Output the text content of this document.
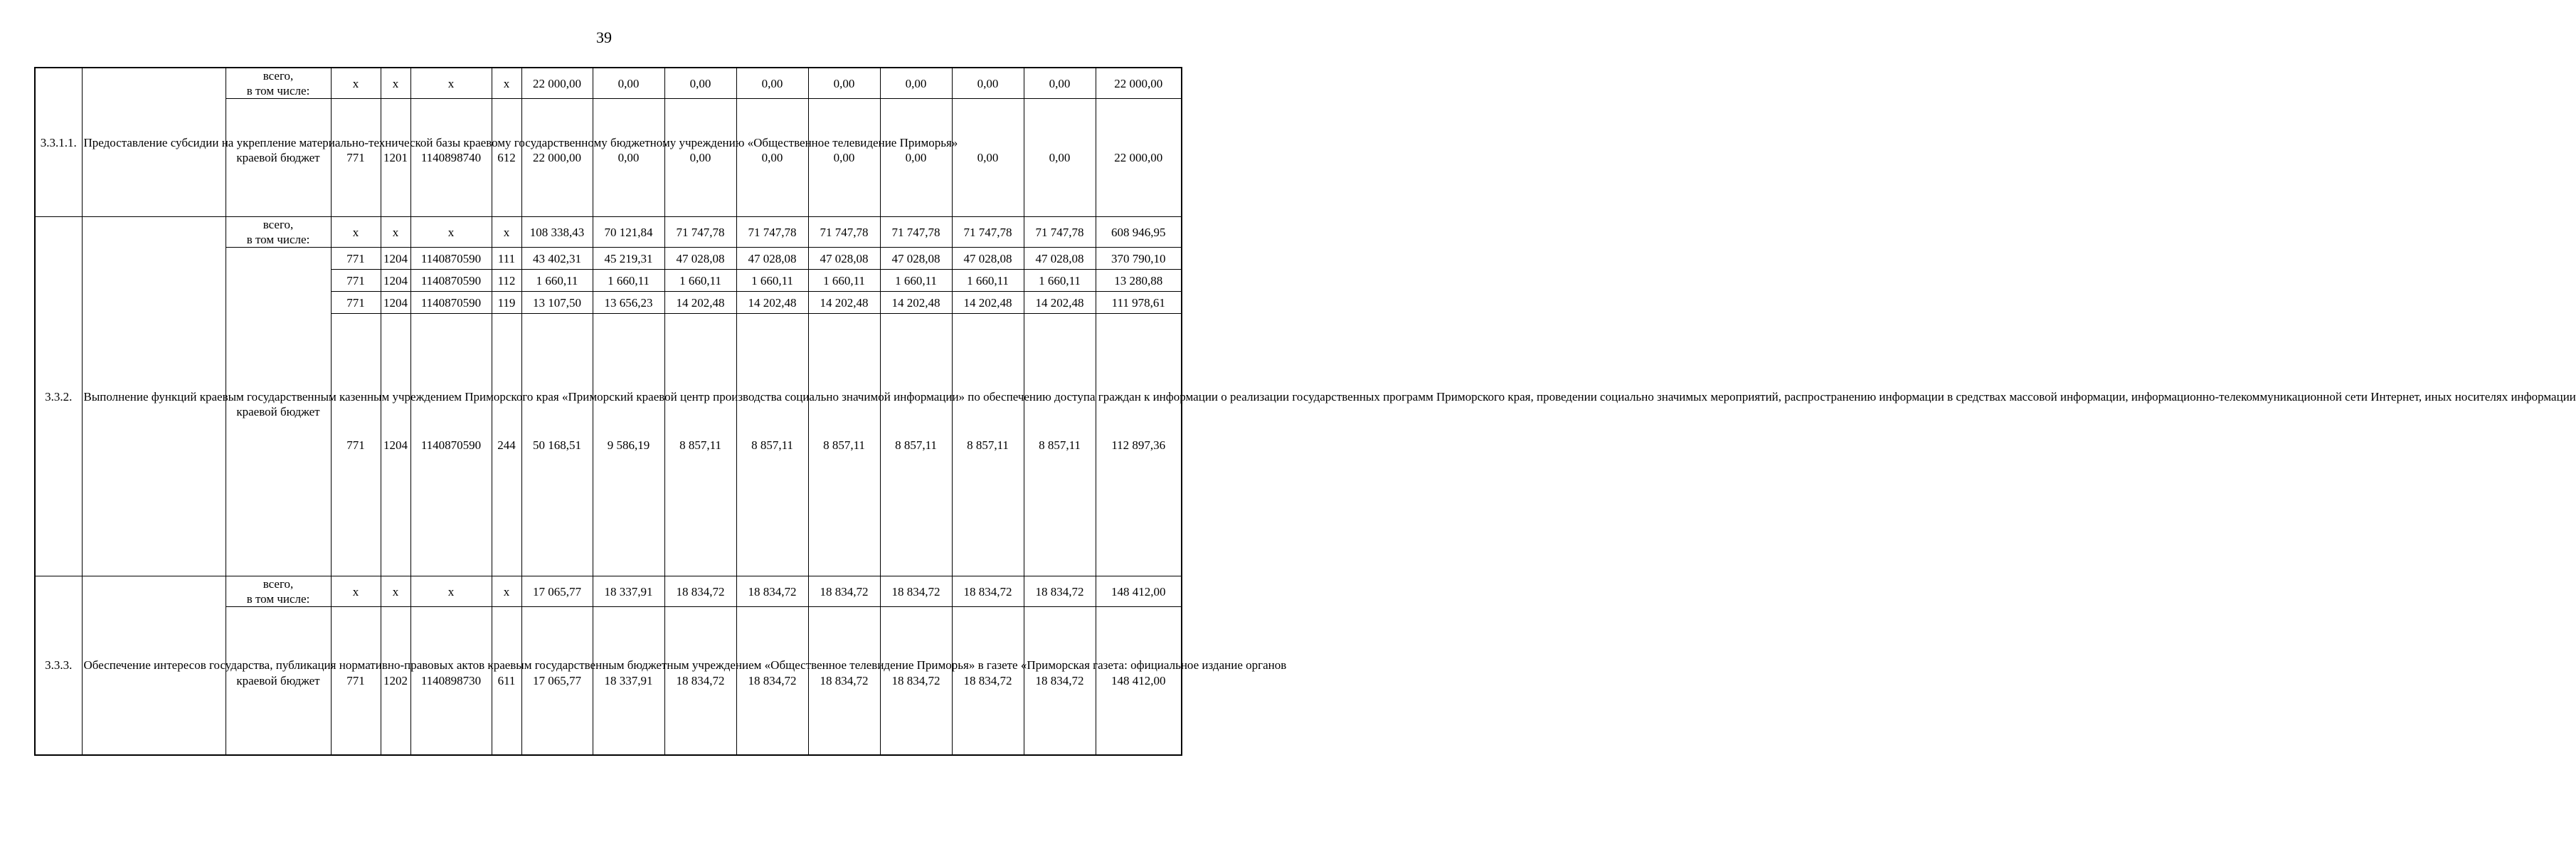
39
3.3.1.1.	Предоставление субсидии на укрепление материально-технической базы краевому государственному бюджетному учреждению «Общественное телевидение Приморья»	всего,
в том числе:	х	х	х	х	22 000,00	0,00	0,00	0,00	0,00	0,00	0,00	0,00	22 000,00
		краевой бюджет	771	1201	1140898740	612	22 000,00	0,00	0,00	0,00	0,00	0,00	0,00	0,00	22 000,00
3.3.2.	Выполнение функций краевым государственным казенным учреждением Приморского края «Приморский краевой центр производства социально значимой информации» по обеспечению доступа граждан к информации о реализации государственных программ Приморского края, проведении социально значимых мероприятий, распространению информации в средствах массовой информации, информационно-телекоммуникационной сети Интернет, иных носителях информации	всего,
в том числе:	х	х	х	х	108 338,43	70 121,84	71 747,78	71 747,78	71 747,78	71 747,78	71 747,78	71 747,78	608 946,95
		краевой бюджет	771	1204	1140870590	111	43 402,31	45 219,31	47 028,08	47 028,08	47 028,08	47 028,08	47 028,08	47 028,08	370 790,10
			771	1204	1140870590	112	1 660,11	1 660,11	1 660,11	1 660,11	1 660,11	1 660,11	1 660,11	1 660,11	13 280,88
			771	1204	1140870590	119	13 107,50	13 656,23	14 202,48	14 202,48	14 202,48	14 202,48	14 202,48	14 202,48	111 978,61
			771	1204	1140870590	244	50 168,51	9 586,19	8 857,11	8 857,11	8 857,11	8 857,11	8 857,11	8 857,11	112 897,36
3.3.3.	Обеспечение интересов государства, публикация нормативно-правовых актов краевым государственным бюджетным учреждением «Общественное телевидение Приморья» в газете «Приморская газета: официальное издание органов	всего,
в том числе:	х	х	х	х	17 065,77	18 337,91	18 834,72	18 834,72	18 834,72	18 834,72	18 834,72	18 834,72	148 412,00
		краевой бюджет	771	1202	1140898730	611	17 065,77	18 337,91	18 834,72	18 834,72	18 834,72	18 834,72	18 834,72	18 834,72	148 412,00
